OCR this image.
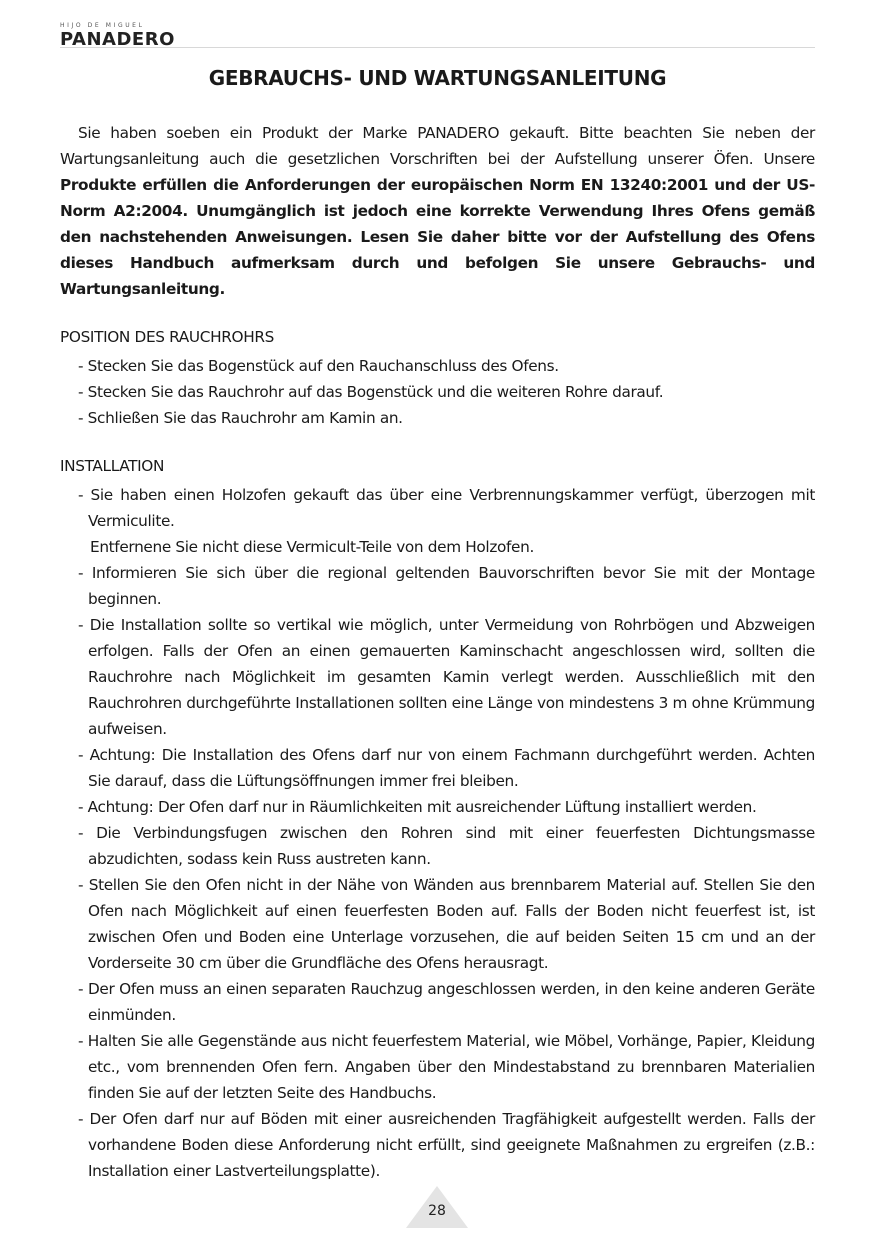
HIJO DE MIGUEL
PANADERO
GEBRAUCHS- UND WARTUNGSANLEITUNG

Sie haben soeben ein Produkt der Marke PANADERO gekauft. Bitte beachten Sie neben der Wartungsanleitung auch die gesetzlichen Vorschriften bei der Aufstellung unserer Öfen. Unsere Produkte erfüllen die Anforderungen der europäischen Norm EN 13240:2001 und der US-Norm A2:2004. Unumgänglich ist jedoch eine korrekte Verwendung Ihres Ofens gemäß den nachstehenden Anweisungen. Lesen Sie daher bitte vor der Aufstellung des Ofens dieses Handbuch aufmerksam durch und befolgen Sie unsere Gebrauchs- und Wartungsanleitung.

POSITION DES RAUCHROHRS

- Stecken Sie das Bogenstück auf den Rauchanschluss des Ofens.
- Stecken Sie das Rauchrohr auf das Bogenstück und die weiteren Rohre darauf.
- Schließen Sie das Rauchrohr am Kamin an.

INSTALLATION

- Sie haben einen Holzofen gekauft das über eine Verbrennungskammer verfügt, überzogen mit Vermiculite.
Entfernene Sie nicht diese Vermicult-Teile von dem Holzofen.
- Informieren Sie sich über die regional geltenden Bauvorschriften bevor Sie mit der Montage beginnen.
- Die Installation sollte so vertikal wie möglich, unter Vermeidung von Rohrbögen und Abzweigen erfolgen. Falls der Ofen an einen gemauerten Kaminschacht angeschlossen wird, sollten die Rauchrohre nach Möglichkeit im gesamten Kamin verlegt werden. Ausschließlich mit den Rauchrohren durchgeführte Installationen sollten eine Länge von mindestens 3 m ohne Krümmung aufweisen.
- Achtung: Die Installation des Ofens darf nur von einem Fachmann durchgeführt werden. Achten Sie darauf, dass die Lüftungsöffnungen immer frei bleiben.
- Achtung: Der Ofen darf nur in Räumlichkeiten mit ausreichender Lüftung installiert werden.
- Die Verbindungsfugen zwischen den Rohren sind mit einer feuerfesten Dichtungsmasse abzudichten, sodass kein Russ austreten kann.
- Stellen Sie den Ofen nicht in der Nähe von Wänden aus brennbarem Material auf. Stellen Sie den Ofen nach Möglichkeit auf einen feuerfesten Boden auf. Falls der Boden nicht feuerfest ist, ist zwischen Ofen und Boden eine Unterlage vorzusehen, die auf beiden Seiten 15 cm und an der Vorderseite 30 cm über die Grundfläche des Ofens herausragt.
- Der Ofen muss an einen separaten Rauchzug angeschlossen werden, in den keine anderen Geräte einmünden.
- Halten Sie alle Gegenstände aus nicht feuerfestem Material, wie Möbel, Vorhänge, Papier, Kleidung etc., vom brennenden Ofen fern. Angaben über den Mindestabstand zu brennbaren Materialien finden Sie auf der letzten Seite des Handbuchs.
- Der Ofen darf nur auf Böden mit einer ausreichenden Tragfähigkeit aufgestellt werden. Falls der vorhandene Boden diese Anforderung nicht erfüllt, sind geeignete Maßnahmen zu ergreifen (z.B.: Installation einer Lastverteilungsplatte).
28
